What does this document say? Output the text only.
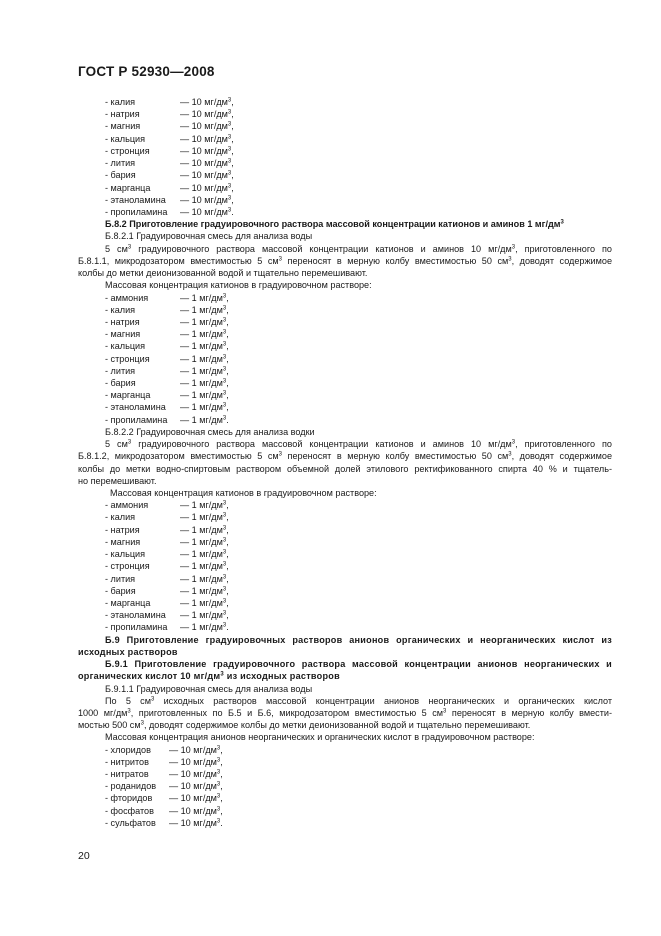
ГОСТ Р 52930—2008
- калия	— 10 $мг/дм^3$,
- натрия	— 10 $мг/дм^3$,
- магния	— 10 $мг/дм^3$,
- кальция	— 10 $мг/дм^3$,
- стронция	— 10 $мг/дм^3$,
- лития	— 10 $мг/дм^3$,
- бария	— 10 $мг/дм^3$,
- марганца	— 10 $мг/дм^3$,
- этаноламина — 10 $мг/дм^3$,
- пропиламина — 10 $мг/дм^3$.
Б.8.2 Приготовление градуировочного раствора массовой концентрации катионов и аминов 1 $мг/дм^3$
Б.8.2.1 Градуировочная смесь для анализа воды
5 $см^3$ градуировочного раствора массовой концентрации катионов и аминов 10 $мг/дм^3$, приготовленного по
Б.8.1.1, микродозатором вместимостью 5 $см^3$ переносят в мерную колбу вместимостью 50 $см^3$, доводят содержимое
колбы до метки деионизованной водой и тщательно перемешивают.
Массовая концентрация катионов в градуировочном растворе:
- аммония	— 1 $мг/дм^3$,
- калия	— 1 $мг/дм^3$,
- натрия	— 1 $мг/дм^3$,
- магния	— 1 $мг/дм^3$,
- кальция	— 1 $мг/дм^3$,
- стронция	— 1 $мг/дм^3$,
- лития	— 1 $мг/дм^3$,
- бария	— 1 $мг/дм^3$,
- марганца	— 1 $мг/дм^3$,
- этаноламина — 1 $мг/дм^3$,
- пропиламина — 1 $мг/дм^3$.
Б.8.2.2 Градуировочная смесь для анализа водки
5 $см^3$ градуировочного раствора массовой концентрации катионов и аминов 10 $мг/дм^3$, приготовленного по
Б.8.1.2, микродозатором вместимостью 5 $см^3$ переносят в мерную колбу вместимостью 50 $см^3$, доводят содержимое
колбы до метки водно-спиртовым раствором объемной долей этилового ректификованного спирта 40 % и тщатель-
но перемешивают.
Массовая концентрация катионов в градуировочном растворе:
- аммония	— 1 $мг/дм^3$,
- калия	— 1 $мг/дм^3$,
- натрия	— 1 $мг/дм^3$,
- магния	— 1 $мг/дм^3$,
- кальция	— 1 $мг/дм^3$,
- стронция	— 1 $мг/дм^3$,
- лития	— 1 $мг/дм^3$,
- бария	— 1 $мг/дм^3$,
- марганца	— 1 $мг/дм^3$,
- этаноламина — 1 $мг/дм^3$,
- пропиламина — 1 $мг/дм^3$.
Б.9 Приготовление градуировочных растворов анионов органических и неорганических кислот из
исходных растворов
Б.9.1 Приготовление градуировочного раствора массовой концентрации анионов неорганических и
органических кислот 10 $мг/дм^3$ из исходных растворов
Б.9.1.1 Градуировочная смесь для анализа воды
По 5 $см^3$ исходных растворов массовой концентрации анионов неорганических и органических кислот
1000 $мг/дм^3$, приготовленных по Б.5 и Б.6, микродозатором вместимостью 5 $см^3$ переносят в мерную колбу вмести-
мостью 500 $см^3$, доводят содержимое колбы до метки деионизованной водой и тщательно перемешивают.
Массовая концентрация анионов неорганических и органических кислот в градуировочном растворе:
- хлоридов — 10 $мг/дм^3$,
- нитритов — 10 $мг/дм^3$,
- нитратов — 10 $мг/дм^3$,
- роданидов — 10 $мг/дм^3$,
- фторидов — 10 $мг/дм^3$,
- фосфатов — 10 $мг/дм^3$,
- сульфатов — 10 $мг/дм^3$.
20
